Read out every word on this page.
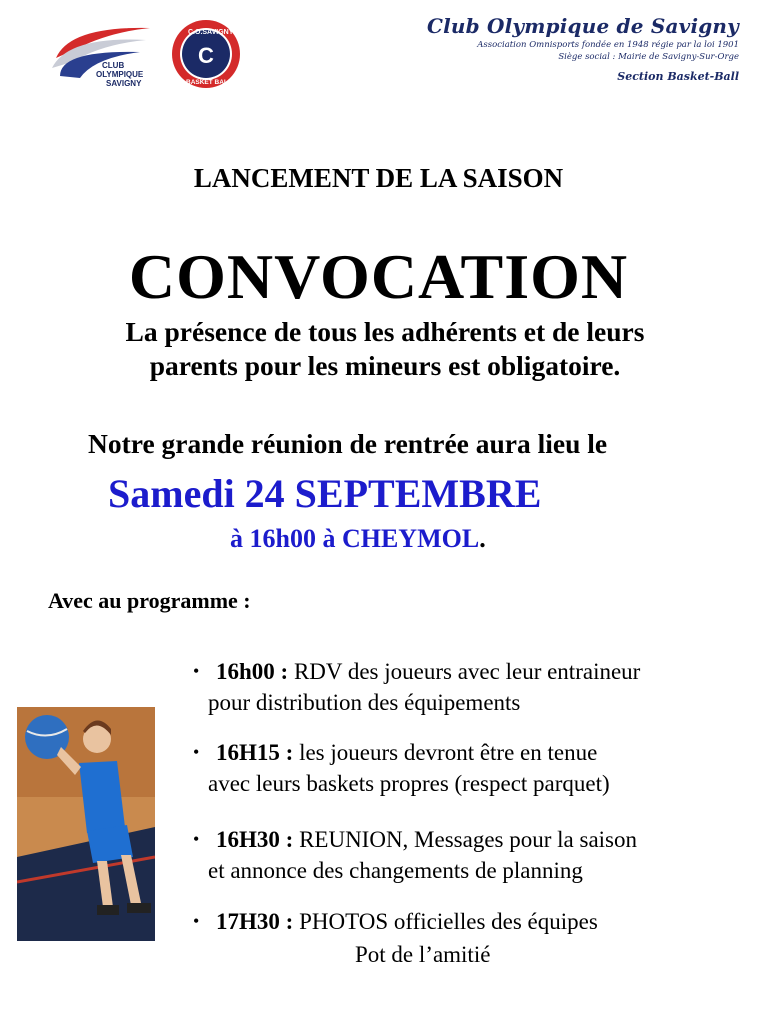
CLUB
OLYMPIQUE
SAVIGNY
C.O.SAVIGNY
BASKET BALL
C
Club Olympique de Savigny
Association Omnisports fondée en 1948 régie par la loi 1901
Siège social : Mairie de Savigny-Sur-Orge
Section Basket-Ball
LANCEMENT DE LA SAISON
CONVOCATION
La présence de tous les adhérents et de leurs
parents pour les mineurs est obligatoire.
Notre grande réunion de rentrée aura lieu le
Samedi 24 SEPTEMBRE
à 16h00 à CHEYMOL.
Avec au programme :
• 16h00 : RDV des joueurs avec leur entraineur
pour distribution des équipements
• 16H15 : les joueurs devront être en tenue
avec leurs baskets propres (respect parquet)
• 16H30 : REUNION, Messages pour la saison
et annonce des changements de planning
• 17H30 : PHOTOS officielles des équipes
Pot de l’amitié
